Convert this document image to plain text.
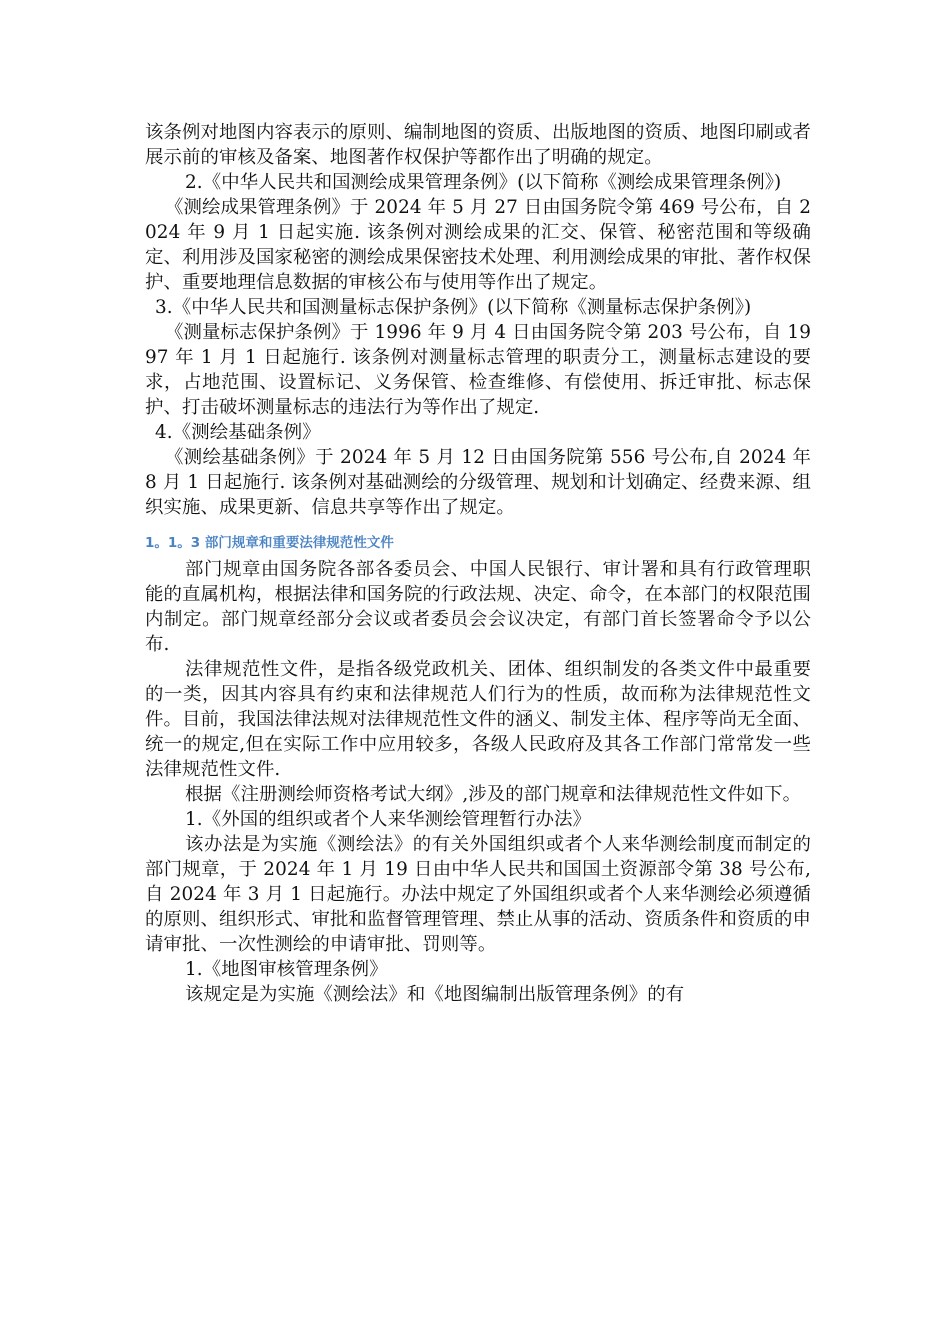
该条例对地图内容表示的原则、编制地图的资质、出版地图的资质、地图印刷或者展示前的审核及备案、地图著作权保护等都作出了明确的规定。

2.《中华人民共和国测绘成果管理条例》(以下简称《测绘成果管理条例》)

《测绘成果管理条例》于 2024 年 5 月 27 日由国务院令第 469 号公布，自 2024 年 9 月 1 日起实施. 该条例对测绘成果的汇交、保管、秘密范围和等级确定、利用涉及国家秘密的测绘成果保密技术处理、利用测绘成果的审批、著作权保护、重要地理信息数据的审核公布与使用等作出了规定。

3.《中华人民共和国测量标志保护条例》(以下简称《测量标志保护条例》)

《测量标志保护条例》于 1996 年 9 月 4 日由国务院令第 203 号公布，自 1997 年 1 月 1 日起施行. 该条例对测量标志管理的职责分工，测量标志建设的要求，占地范围、设置标记、义务保管、检查维修、有偿使用、拆迁审批、标志保护、打击破坏测量标志的违法行为等作出了规定.

4.《测绘基础条例》

《测绘基础条例》于 2024 年 5 月 12 日由国务院第 556 号公布,自 2024 年 8 月 1 日起施行. 该条例对基础测绘的分级管理、规划和计划确定、经费来源、组织实施、成果更新、信息共享等作出了规定。

1。1。3 部门规章和重要法律规范性文件

部门规章由国务院各部各委员会、中国人民银行、审计署和具有行政管理职能的直属机构，根据法律和国务院的行政法规、决定、命令，在本部门的权限范围内制定。部门规章经部分会议或者委员会会议决定，有部门首长签署命令予以公布.

法律规范性文件，是指各级党政机关、团体、组织制发的各类文件中最重要的一类，因其内容具有约束和法律规范人们行为的性质，故而称为法律规范性文件。目前，我国法律法规对法律规范性文件的涵义、制发主体、程序等尚无全面、统一的规定,但在实际工作中应用较多，各级人民政府及其各工作部门常常发一些法律规范性文件.

根据《注册测绘师资格考试大纲》,涉及的部门规章和法律规范性文件如下。

1.《外国的组织或者个人来华测绘管理暂行办法》

该办法是为实施《测绘法》的有关外国组织或者个人来华测绘制度而制定的部门规章，于 2024 年 1 月 19 日由中华人民共和国国土资源部令第 38 号公布,自 2024 年 3 月 1 日起施行。办法中规定了外国组织或者个人来华测绘必须遵循的原则、组织形式、审批和监督管理管理、禁止从事的活动、资质条件和资质的申请审批、一次性测绘的申请审批、罚则等。

1.《地图审核管理条例》

该规定是为实施《测绘法》和《地图编制出版管理条例》的有
